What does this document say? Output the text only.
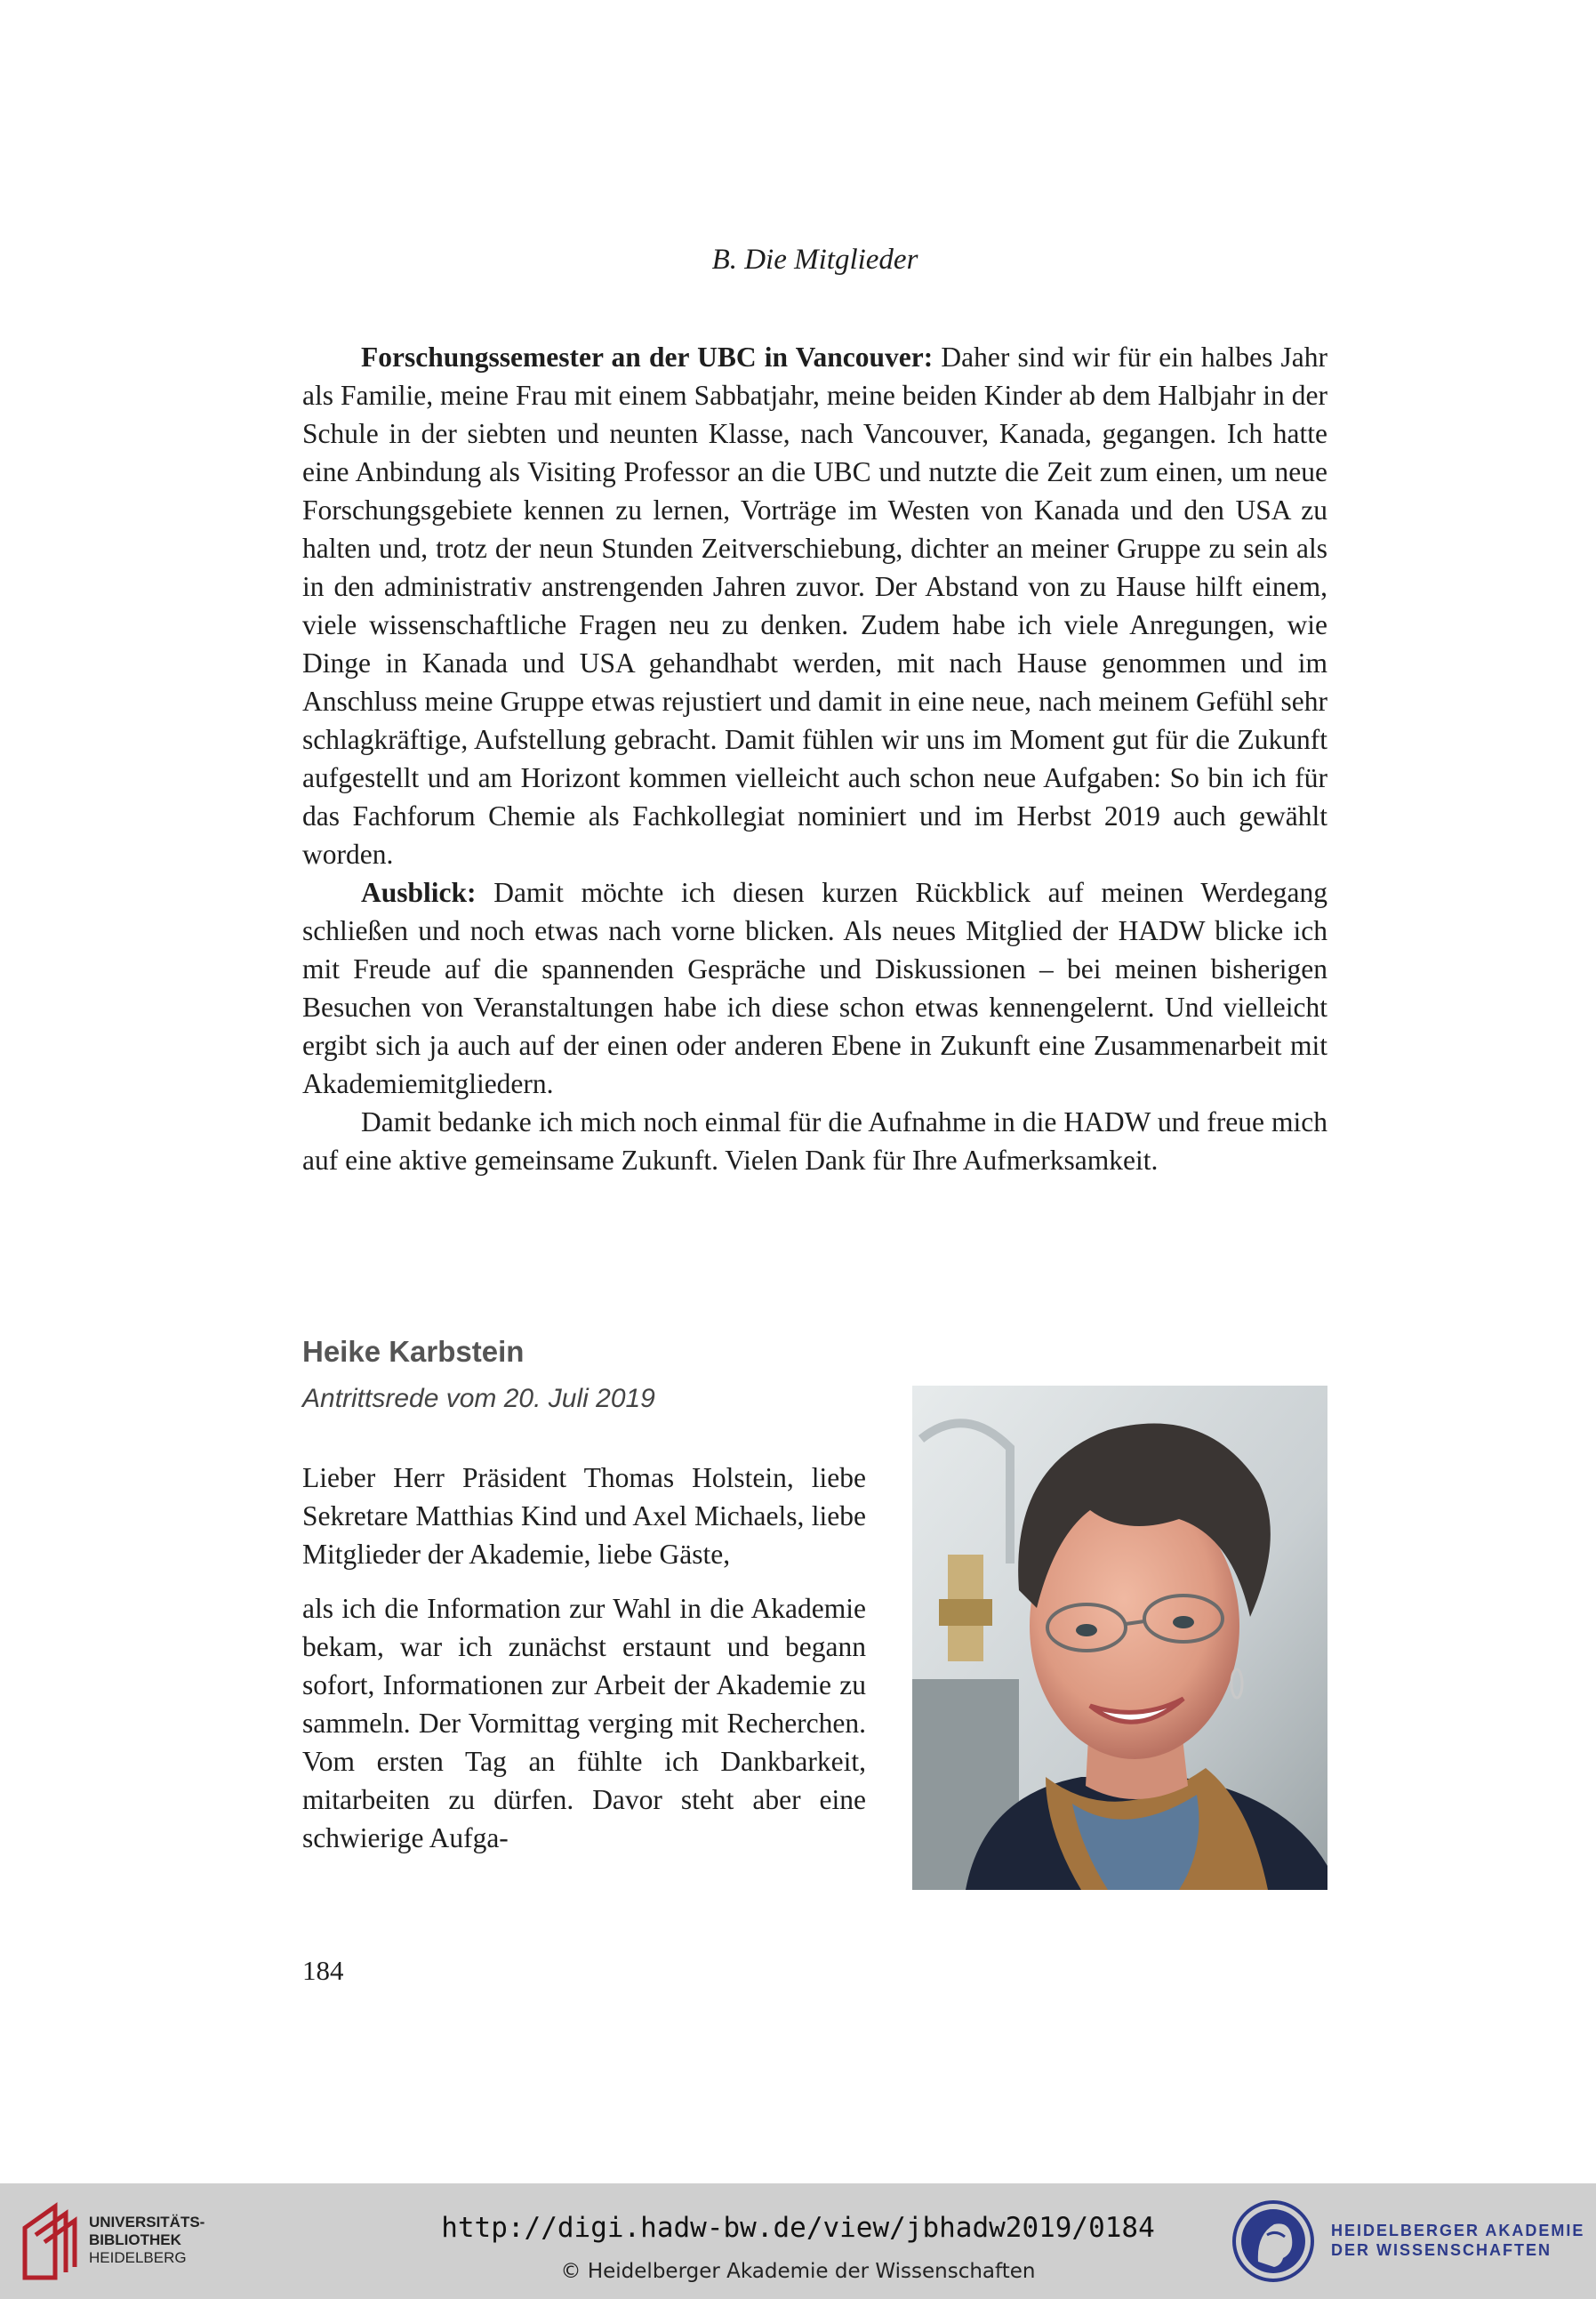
B. Die Mitglieder

Forschungssemester an der UBC in Vancouver: Daher sind wir für ein halbes Jahr als Familie, meine Frau mit einem Sabbatjahr, meine beiden Kinder ab dem Halbjahr in der Schule in der siebten und neunten Klasse, nach Vancouver, Kanada, gegangen. Ich hatte eine Anbindung als Visiting Professor an die UBC und nutzte die Zeit zum einen, um neue Forschungsgebiete kennen zu lernen, Vorträge im Westen von Kanada und den USA zu halten und, trotz der neun Stunden Zeitverschiebung, dichter an meiner Gruppe zu sein als in den administrativ anstrengenden Jahren zuvor. Der Abstand von zu Hause hilft einem, viele wissenschaftliche Fragen neu zu denken. Zudem habe ich viele Anregungen, wie Dinge in Kanada und USA gehandhabt werden, mit nach Hause genommen und im Anschluss meine Gruppe etwas rejustiert und damit in eine neue, nach meinem Gefühl sehr schlagkräftige, Aufstellung gebracht. Damit fühlen wir uns im Moment gut für die Zukunft aufgestellt und am Horizont kommen vielleicht auch schon neue Aufgaben: So bin ich für das Fachforum Chemie als Fachkollegiat nominiert und im Herbst 2019 auch gewählt worden.

Ausblick: Damit möchte ich diesen kurzen Rückblick auf meinen Werdegang schließen und noch etwas nach vorne blicken. Als neues Mitglied der HADW blicke ich mit Freude auf die spannenden Gespräche und Diskussionen – bei meinen bisherigen Besuchen von Veranstaltungen habe ich diese schon etwas kennengelernt. Und vielleicht ergibt sich ja auch auf der einen oder anderen Ebene in Zukunft eine Zusammenarbeit mit Akademiemitgliedern.

Damit bedanke ich mich noch einmal für die Aufnahme in die HADW und freue mich auf eine aktive gemeinsame Zukunft. Vielen Dank für Ihre Aufmerksamkeit.

Heike Karbstein
Antrittsrede vom 20. Juli 2019

Lieber Herr Präsident Thomas Holstein, liebe Sekretare Matthias Kind und Axel Michaels, liebe Mitglieder der Akademie, liebe Gäste,

als ich die Information zur Wahl in die Akademie bekam, war ich zunächst erstaunt und begann sofort, Informationen zur Arbeit der Akademie zu sammeln. Der Vormittag verging mit Recherchen. Vom ersten Tag an fühlte ich Dankbarkeit, mitarbeiten zu dürfen. Davor steht aber eine schwierige Aufga-

184
UNIVERSITÄTS-
BIBLIOTHEK
HEIDELBERG
http://digi.hadw-bw.de/view/jbhadw2019/0184
© Heidelberger Akademie der Wissenschaften
HEIDELBERGER AKADEMIE
DER WISSENSCHAFTEN
